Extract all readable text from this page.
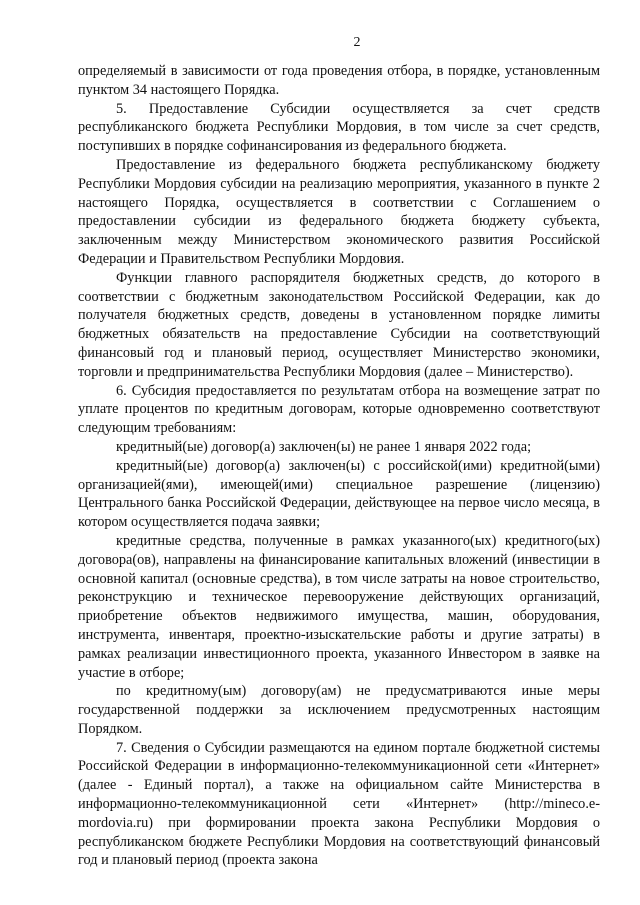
2

определяемый в зависимости от года проведения отбора, в порядке, установленным пунктом 34 настоящего Порядка.

5. Предоставление Субсидии осуществляется за счет средств республиканского бюджета Республики Мордовия, в том числе за счет средств, поступивших в порядке софинансирования из федерального бюджета.

Предоставление из федерального бюджета республиканскому бюджету Республики Мордовия субсидии на реализацию мероприятия, указанного в пункте 2 настоящего Порядка, осуществляется в соответствии с Соглашением о предоставлении субсидии из федерального бюджета бюджету субъекта, заключенным между Министерством экономического развития Российской Федерации и Правительством Республики Мордовия.

Функции главного распорядителя бюджетных средств, до которого в соответствии с бюджетным законодательством Российской Федерации, как до получателя бюджетных средств, доведены в установленном порядке лимиты бюджетных обязательств на предоставление Субсидии на соответствующий финансовый год и плановый период, осуществляет Министерство экономики, торговли и предпринимательства Республики Мордовия (далее – Министерство).

6. Субсидия предоставляется по результатам отбора на возмещение затрат по уплате процентов по кредитным договорам, которые одновременно соответствуют следующим требованиям:

кредитный(ые) договор(а) заключен(ы) не ранее 1 января 2022 года;

кредитный(ые) договор(а) заключен(ы) с российской(ими) кредитной(ыми) организацией(ями), имеющей(ими) специальное разрешение (лицензию) Центрального банка Российской Федерации, действующее на первое число месяца, в котором осуществляется подача заявки;

кредитные средства, полученные в рамках указанного(ых) кредитного(ых) договора(ов), направлены на финансирование капитальных вложений (инвестиции в основной капитал (основные средства), в том числе затраты на новое строительство, реконструкцию и техническое перевооружение действующих организаций, приобретение объектов недвижимого имущества, машин, оборудования, инструмента, инвентаря, проектно-изыскательские работы и другие затраты) в рамках реализации инвестиционного проекта, указанного Инвестором в заявке на участие в отборе;

по кредитному(ым) договору(ам) не предусматриваются иные меры государственной поддержки за исключением предусмотренных настоящим Порядком.

7. Сведения о Субсидии размещаются на едином портале бюджетной системы Российской Федерации в информационно-телекоммуникационной сети «Интернет» (далее - Единый портал), а также на официальном сайте Министерства в информационно-телекоммуникационной сети «Интернет» (http://mineco.e-mordovia.ru) при формировании проекта закона Республики Мордовия о республиканском бюджете Республики Мордовия на соответствующий финансовый год и плановый период (проекта закона
